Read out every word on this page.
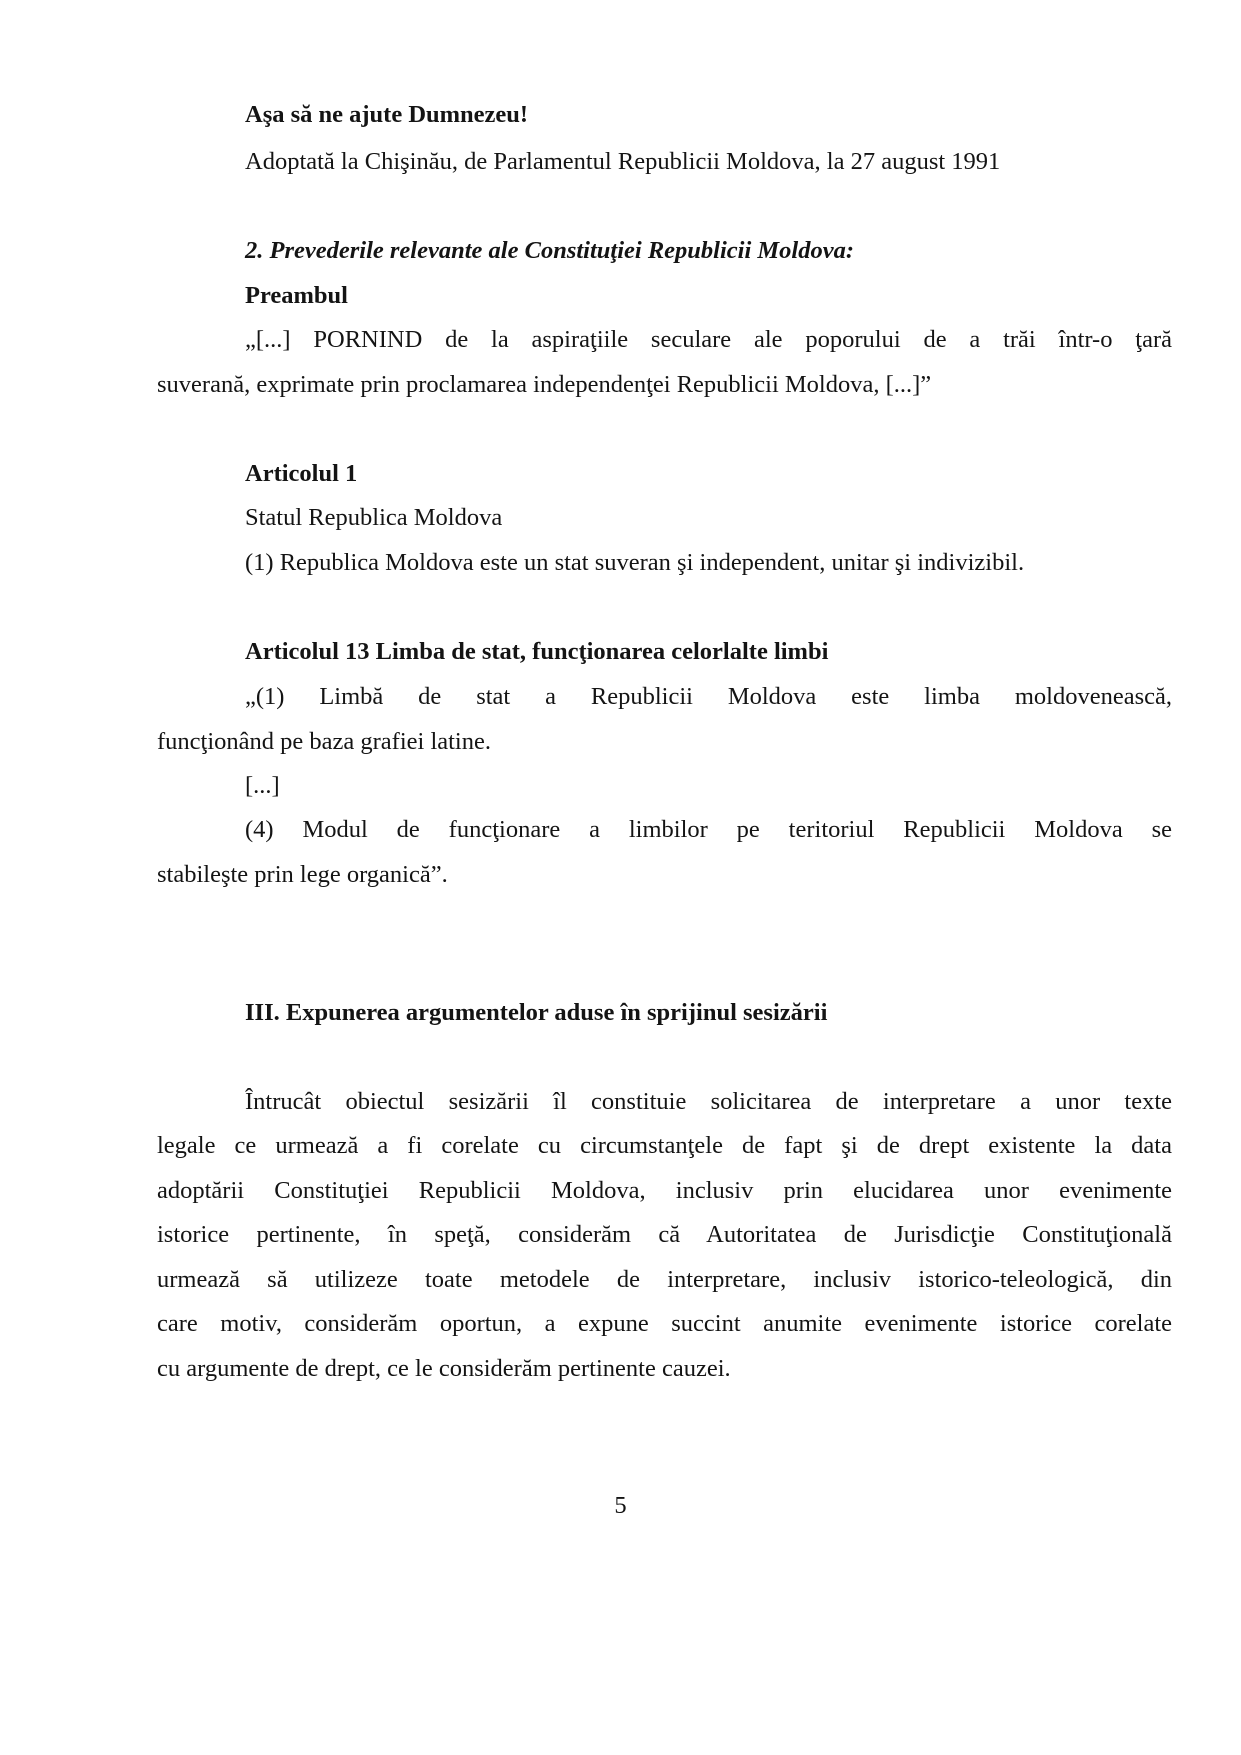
Aşa să ne ajute Dumnezeu!
Adoptată la Chişinău, de Parlamentul Republicii Moldova, la 27 august 1991
2. Prevederile relevante ale Constituţiei Republicii Moldova:
Preambul
„[...] PORNIND de la aspiraţiile seculare ale poporului de a trăi într-o ţară
suverană, exprimate prin proclamarea independenţei Republicii Moldova, [...]”
Articolul 1
Statul Republica Moldova
(1) Republica Moldova este un stat suveran şi independent, unitar şi indivizibil.
Articolul 13 Limba de stat, funcţionarea celorlalte limbi
„(1) Limbă de stat a Republicii Moldova este limba moldovenească,
funcţionând pe baza grafiei latine.
[...]
(4) Modul de funcţionare a limbilor pe teritoriul Republicii Moldova se
stabileşte prin lege organică”.
III. Expunerea argumentelor aduse în sprijinul sesizării
Întrucât obiectul sesizării îl constituie solicitarea de interpretare a unor texte
legale ce urmează a fi corelate cu circumstanţele de fapt şi de drept existente la data
adoptării Constituţiei Republicii Moldova, inclusiv prin elucidarea unor evenimente
istorice pertinente, în speţă, considerăm că Autoritatea de Jurisdicţie Constituţională
urmează să utilizeze toate metodele de interpretare, inclusiv istorico-teleologică, din
care motiv, considerăm oportun, a expune succint anumite evenimente istorice corelate
cu argumente de drept, ce le considerăm pertinente cauzei.
5
